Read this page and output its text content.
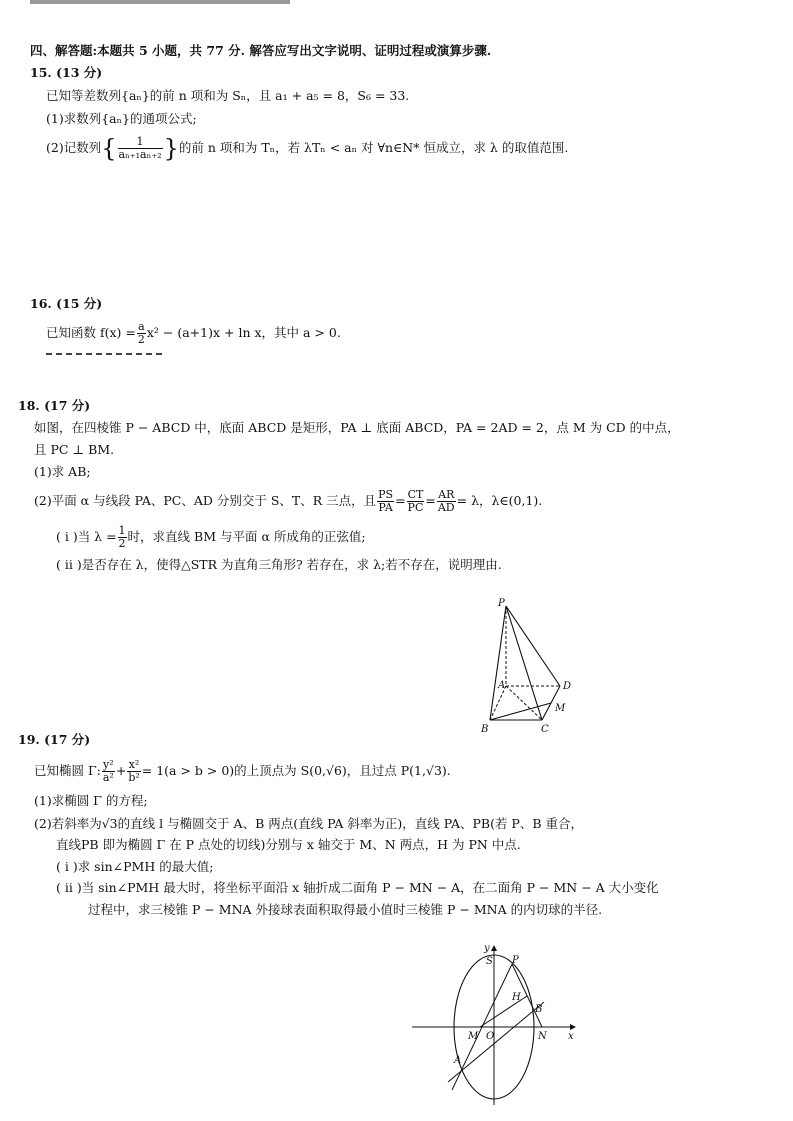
四、解答题:本题共 5 小题，共 77 分. 解答应写出文字说明、证明过程或演算步骤.
15. (13 分)
已知等差数列{aₙ}的前 n 项和为 Sₙ，且 a₁ + a₅ = 8，S₆ = 33.
(1)求数列{aₙ}的通项公式;
(2)记数列{ $\frac{1}{\text{aₙ₊₁aₙ₊₂}}$ }的前 n 项和为 Tₙ，若 λTₙ < aₙ 对 ∀n∈N* 恒成立，求 λ 的取值范围.
16. (15 分)
已知函数 $f(x) = \frac{a}{2} x^2 - (a+1)x + \ln x$，其中 a > 0.
18. (17 分)
如图，在四棱锥 P − ABCD 中，底面 ABCD 是矩形，PA ⊥ 底面 ABCD，PA = 2AD = 2，点 M 为 CD 的中点，
且 PC ⊥ BM.
(1)求 AB;
(2)平面 α 与线段 PA、PC、AD 分别交于 S、T、R 三点，且 $\frac{PS}{PA} = \frac{CT}{PC} = \frac{AR}{AD} = \lambda$，λ∈(0,1).
( ⅰ )当 $\lambda = \frac{1}{2}$ 时，求直线 BM 与平面 α 所成角的正弦值;
( ⅱ )是否存在 λ，使得△STR 为直角三角形? 若存在，求 λ;若不存在，说明理由.
P
A
B	C
D
M
19. (17 分)
已知椭圆 Γ: $\frac{\text{y²}}{\text{a²}} + \frac{\text{x²}}{\text{b²}} = 1(a > b > 0)$的上顶点为 S(0,√6)，且过点 P(1,√3).
(1)求椭圆 Γ 的方程;
(2)若斜率为√3的直线 l 与椭圆交于 A、B 两点(直线 PA 斜率为正)，直线 PA、PB(若 P、B 重合，
直线PB 即为椭圆 Γ 在 P 点处的切线)分别与 x 轴交于 M、N 两点，H 为 PN 中点.
( ⅰ )求 sin∠PMH 的最大值;
( ⅱ )当 sin∠PMH 最大时，将坐标平面沿 x 轴折成二面角 P − MN − A，在二面角 P − MN − A 大小变化
过程中，求三棱锥 P − MNA 外接球表面积取得最小值时三棱锥 P − MNA 的内切球的半径.
y
x
S P
H
B
M O	N
A
